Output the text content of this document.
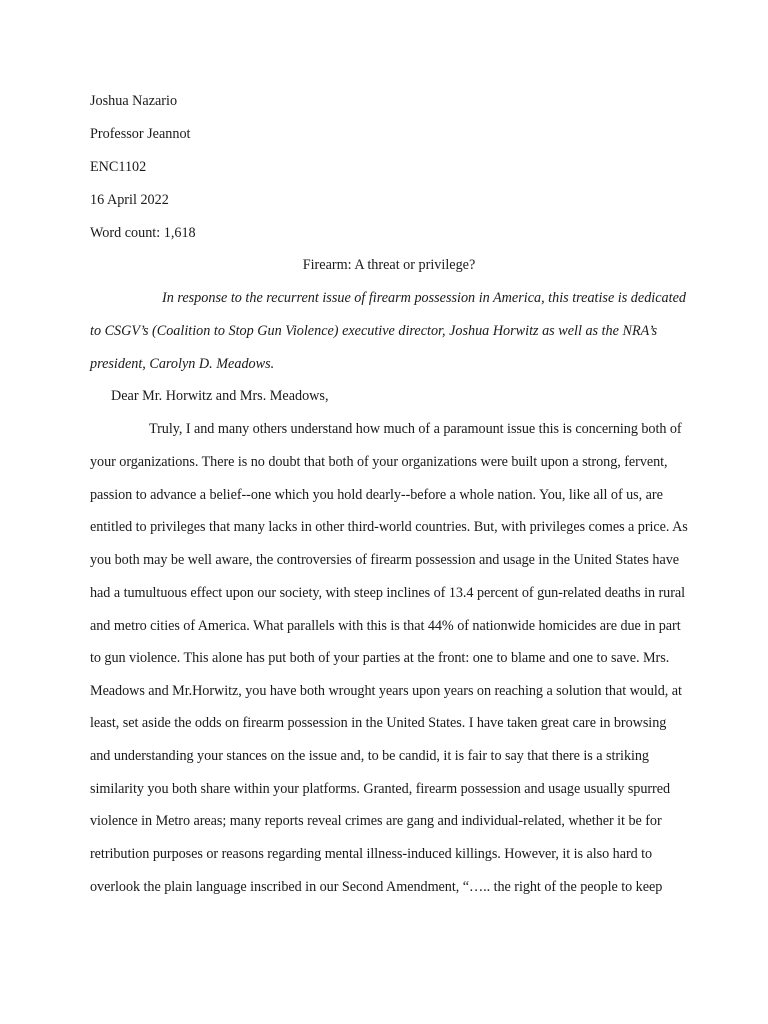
Joshua Nazario
Professor Jeannot
ENC1102
16 April 2022
Word count: 1,618
Firearm: A threat or privilege?
In response to the recurrent issue of firearm possession in America, this treatise is dedicated
to CSGV’s (Coalition to Stop Gun Violence) executive director, Joshua Horwitz as well as the NRA’s
president, Carolyn D. Meadows.
Dear Mr. Horwitz and Mrs. Meadows,
Truly, I and many others understand how much of a paramount issue this is concerning both of
your organizations. There is no doubt that both of your organizations were built upon a strong, fervent,
passion to advance a belief--one which you hold dearly--before a whole nation. You, like all of us, are
entitled to privileges that many lacks in other third-world countries. But, with privileges comes a price. As
you both may be well aware, the controversies of firearm possession and usage in the United States have
had a tumultuous effect upon our society, with steep inclines of 13.4 percent of gun-related deaths in rural
and metro cities of America. What parallels with this is that 44% of nationwide homicides are due in part
to gun violence. This alone has put both of your parties at the front: one to blame and one to save. Mrs.
Meadows and Mr.Horwitz, you have both wrought years upon years on reaching a solution that would, at
least, set aside the odds on firearm possession in the United States. I have taken great care in browsing
and understanding your stances on the issue and, to be candid, it is fair to say that there is a striking
similarity you both share within your platforms. Granted, firearm possession and usage usually spurred
violence in Metro areas; many reports reveal crimes are gang and individual-related, whether it be for
retribution purposes or reasons regarding mental illness-induced killings. However, it is also hard to
overlook the plain language inscribed in our Second Amendment, “….. the right of the people to keep
